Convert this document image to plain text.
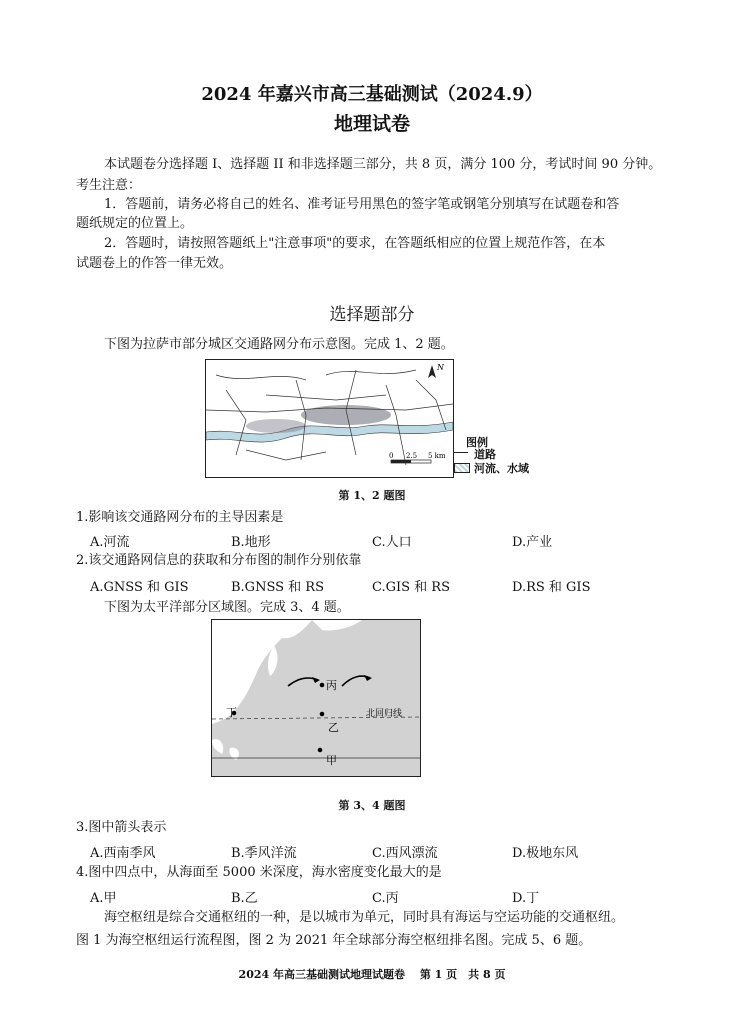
2024 年嘉兴市高三基础测试（2024.9）
地理试卷
本试题卷分选择题 I、选择题 II 和非选择题三部分，共 8 页，满分 100 分，考试时间 90 分钟。
考生注意：
1．答题前，请务必将自己的姓名、准考证号用黑色的签字笔或钢笔分别填写在试题卷和答
题纸规定的位置上。
2．答题时，请按照答题纸上"注意事项"的要求，在答题纸相应的位置上规范作答，在本
试题卷上的作答一律无效。
选择题部分
下图为拉萨市部分城区交通路网分布示意图。完成 1、2 题。
N
0 2.5 5 km
图例
道路
河流、水域
第 1、2 题图
1.影响该交通路网分布的主导因素是
A.河流	B.地形	C.人口	D.产业
2.该交通路网信息的获取和分布图的制作分别依靠
A.GNSS 和 GIS	B.GNSS 和 RS	C.GIS 和 RS	D.RS 和 GIS
下图为太平洋部分区域图。完成 3、4 题。
丙
乙
甲
丁	北回归线
第 3、4 题图
3.图中箭头表示
A.西南季风	B.季风洋流	C.西风漂流	D.极地东风
4.图中四点中，从海面至 5000 米深度，海水密度变化最大的是
A.甲	B.乙	C.丙	D.丁
海空枢纽是综合交通枢纽的一种，是以城市为单元，同时具有海运与空运功能的交通枢纽。
图 1 为海空枢纽运行流程图，图 2 为 2021 年全球部分海空枢纽排名图。完成 5、6 题。
2024 年高三基础测试地理试题卷　 第 1 页　共 8 页
